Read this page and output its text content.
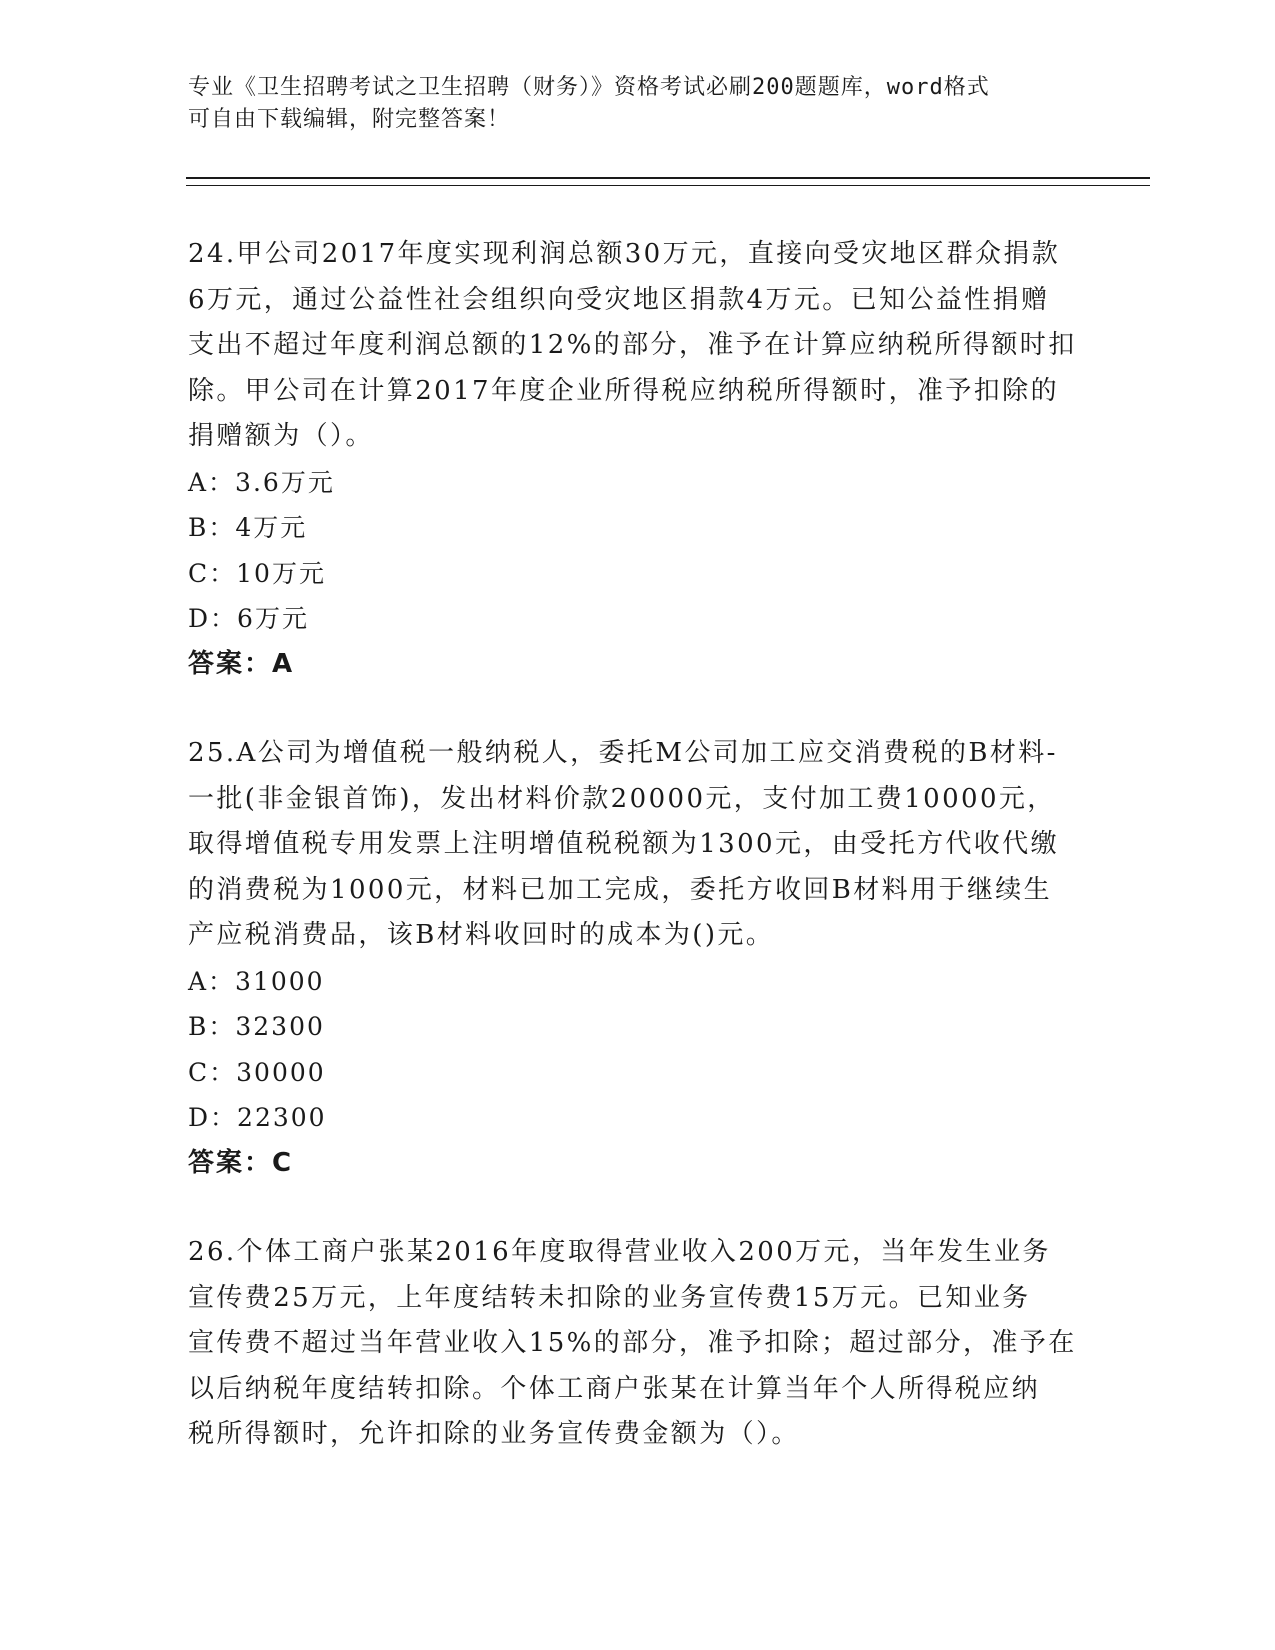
专业《卫生招聘考试之卫生招聘（财务）》资格考试必刷200题题库，word格式
可自由下载编辑，附完整答案！
24.甲公司2017年度实现利润总额30万元，直接向受灾地区群众捐款
6万元，通过公益性社会组织向受灾地区捐款4万元。已知公益性捐赠
支出不超过年度利润总额的12%的部分，准予在计算应纳税所得额时扣
除。甲公司在计算2017年度企业所得税应纳税所得额时，准予扣除的
捐赠额为（）。
A：3.6万元
B：4万元
C：10万元
D：6万元
答案：A
25.A公司为增值税一般纳税人，委托M公司加工应交消费税的B材料-
一批(非金银首饰)，发出材料价款20000元，支付加工费10000元，
取得增值税专用发票上注明增值税税额为1300元，由受托方代收代缴
的消费税为1000元，材料已加工完成，委托方收回B材料用于继续生
产应税消费品，该B材料收回时的成本为()元。
A：31000
B：32300
C：30000
D：22300
答案：C
26.个体工商户张某2016年度取得营业收入200万元，当年发生业务
宣传费25万元，上年度结转未扣除的业务宣传费15万元。已知业务
宣传费不超过当年营业收入15%的部分，准予扣除；超过部分，准予在
以后纳税年度结转扣除。个体工商户张某在计算当年个人所得税应纳
税所得额时，允许扣除的业务宣传费金额为（）。
